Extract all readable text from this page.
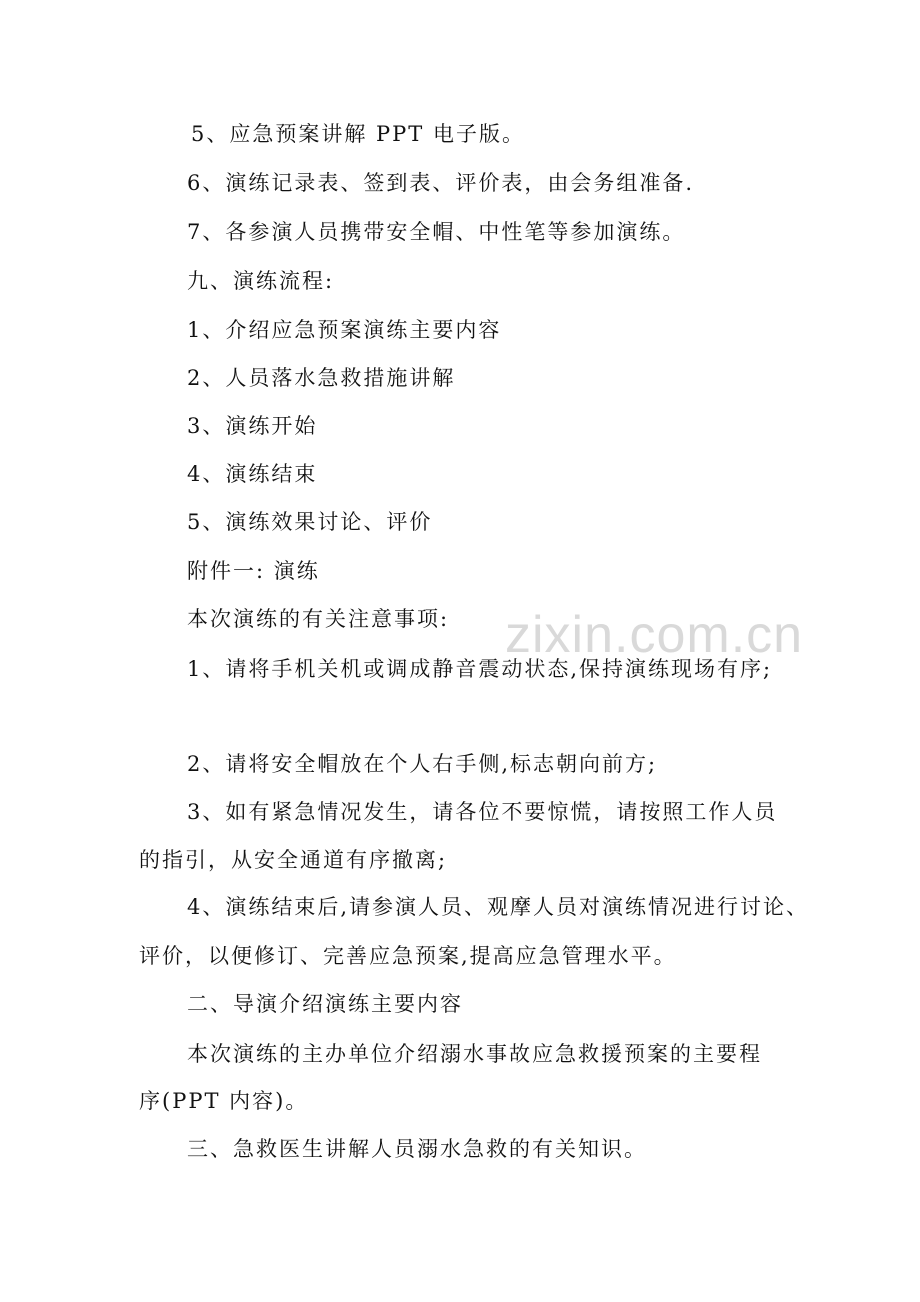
zixin.com.cn
5、应急预案讲解 PPT 电子版。
6、演练记录表、签到表、评价表，由会务组准备.
7、各参演人员携带安全帽、中性笔等参加演练。
九、演练流程:
1、介绍应急预案演练主要内容
2、人员落水急救措施讲解
3、演练开始
4、演练结束
5、演练效果讨论、评价
附件一: 演练
本次演练的有关注意事项:
1、请将手机关机或调成静音震动状态,保持演练现场有序;
2、请将安全帽放在个人右手侧,标志朝向前方;
3、如有紧急情况发生，请各位不要惊慌，请按照工作人员
的指引，从安全通道有序撤离;
4、演练结束后,请参演人员、观摩人员对演练情况进行讨论、
评价，以便修订、完善应急预案,提高应急管理水平。
二、导演介绍演练主要内容
本次演练的主办单位介绍溺水事故应急救援预案的主要程
序(PPT 内容)。
三、急救医生讲解人员溺水急救的有关知识。
